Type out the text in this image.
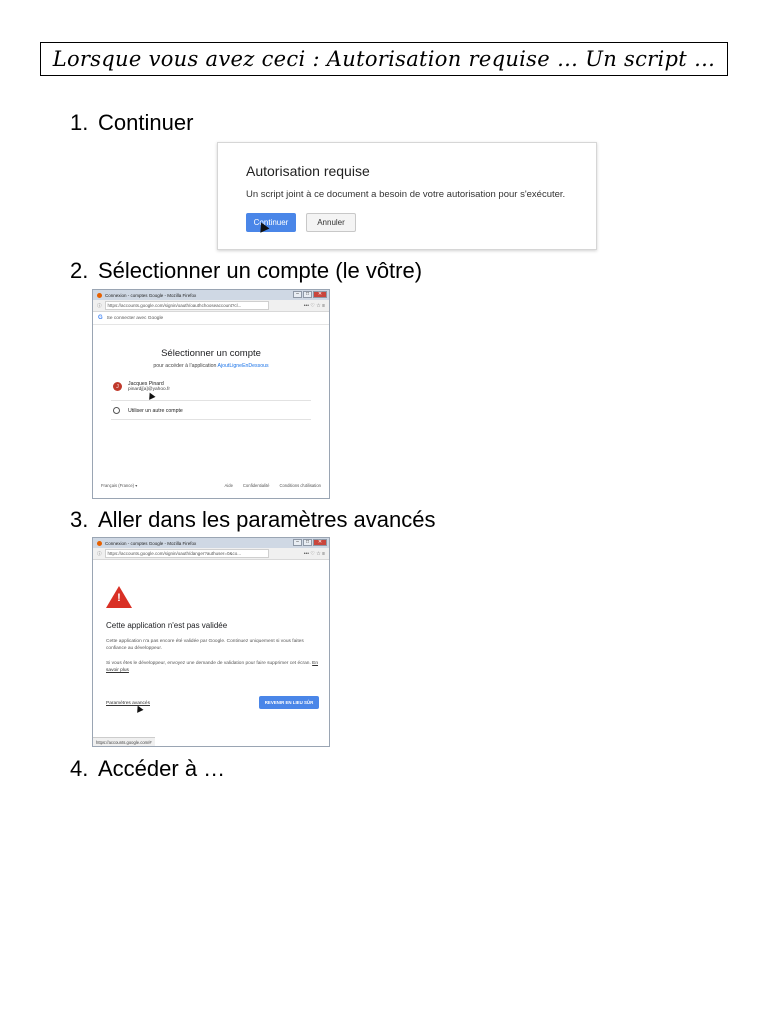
Lorsque vous avez ceci : Autorisation requise … Un script …
1. Continuer
Autorisation requise
Un script joint à ce document a besoin de votre autorisation pour s'exécuter.
Continuer	Annuler
2. Sélectionner un compte (le vôtre)
Connexion - comptes Google - Mozilla Firefox	–	□	✕
ⓘ	https://accounts.google.com/signin/oauth/oauthchooseaccount?cl...	••• ♡ ☆ ≡
G Se connecter avec Google
Sélectionner un compte
pour accéder à l'application AjoutLigneEnDessous
J	Jacques Pinard
pinardj[a]@yahoo.fr
Utiliser un autre compte
Français (France) ▾	Aide Confidentialité Conditions d'utilisation
3. Aller dans les paramètres avancés
Connexion - comptes Google - Mozilla Firefox	–	□	✕
ⓘ	https://accounts.google.com/signin/oauth/danger?authuser=0&co...	••• ♡ ☆ ≡
!
Cette application n'est pas validée
Cette application n'a pas encore été validée par Google. Continuez uniquement si vous faites confiance au développeur.
Si vous êtes le développeur, envoyez une demande de validation pour faire supprimer cet écran. En savoir plus
Paramètres avancés	REVENIR EN LIEU SÛR
https://accounts.google.com/#
4. Accéder à …
